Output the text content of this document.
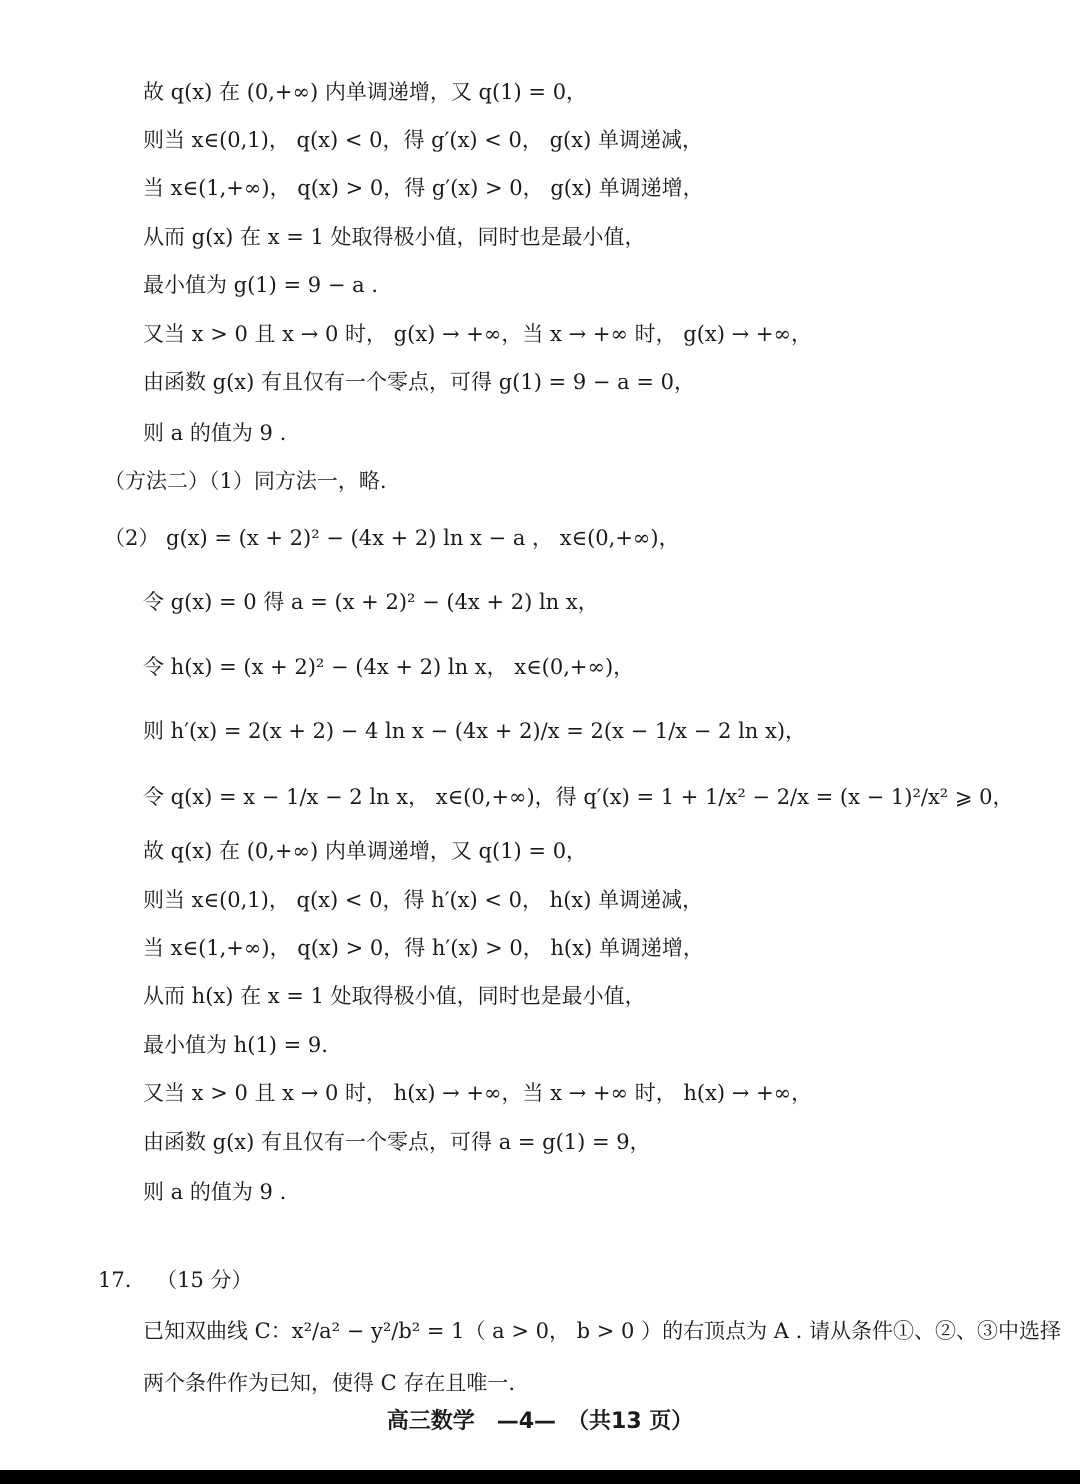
故 q(x) 在 (0,+∞) 内单调递增，又 q(1) = 0，
则当 x∈(0,1)， q(x) < 0，得 g′(x) < 0， g(x) 单调递减，
当 x∈(1,+∞)， q(x) > 0，得 g′(x) > 0， g(x) 单调递增，
从而 g(x) 在 x = 1 处取得极小值，同时也是最小值，
最小值为 g(1) = 9 − a .
又当 x > 0 且 x → 0 时， g(x) → +∞，当 x → +∞ 时， g(x) → +∞，
由函数 g(x) 有且仅有一个零点，可得 g(1) = 9 − a = 0，
则 a 的值为 9 .
（方法二）（1）同方法一，略.
（2） g(x) = (x + 2)² − (4x + 2) ln x − a ， x∈(0,+∞)，
令 g(x) = 0 得 a = (x + 2)² − (4x + 2) ln x，
令 h(x) = (x + 2)² − (4x + 2) ln x， x∈(0,+∞)，
则 h′(x) = 2(x + 2) − 4 ln x − (4x + 2)/x = 2(x − 1/x − 2 ln x)，
令 q(x) = x − 1/x − 2 ln x， x∈(0,+∞)，得 q′(x) = 1 + 1/x² − 2/x = (x − 1)²/x² ⩾ 0，
故 q(x) 在 (0,+∞) 内单调递增，又 q(1) = 0，
则当 x∈(0,1)， q(x) < 0，得 h′(x) < 0， h(x) 单调递减，
当 x∈(1,+∞)， q(x) > 0，得 h′(x) > 0， h(x) 单调递增，
从而 h(x) 在 x = 1 处取得极小值，同时也是最小值，
最小值为 h(1) = 9.
又当 x > 0 且 x → 0 时， h(x) → +∞，当 x → +∞ 时， h(x) → +∞，
由函数 g(x) 有且仅有一个零点，可得 a = g(1) = 9，
则 a 的值为 9 .
17. （15 分）
已知双曲线 C：x²/a² − y²/b² = 1（ a > 0， b > 0 ）的右顶点为 A . 请从条件①、②、③中选择
两个条件作为已知，使得 C 存在且唯一.
高三数学　—4—　（共13 页）
